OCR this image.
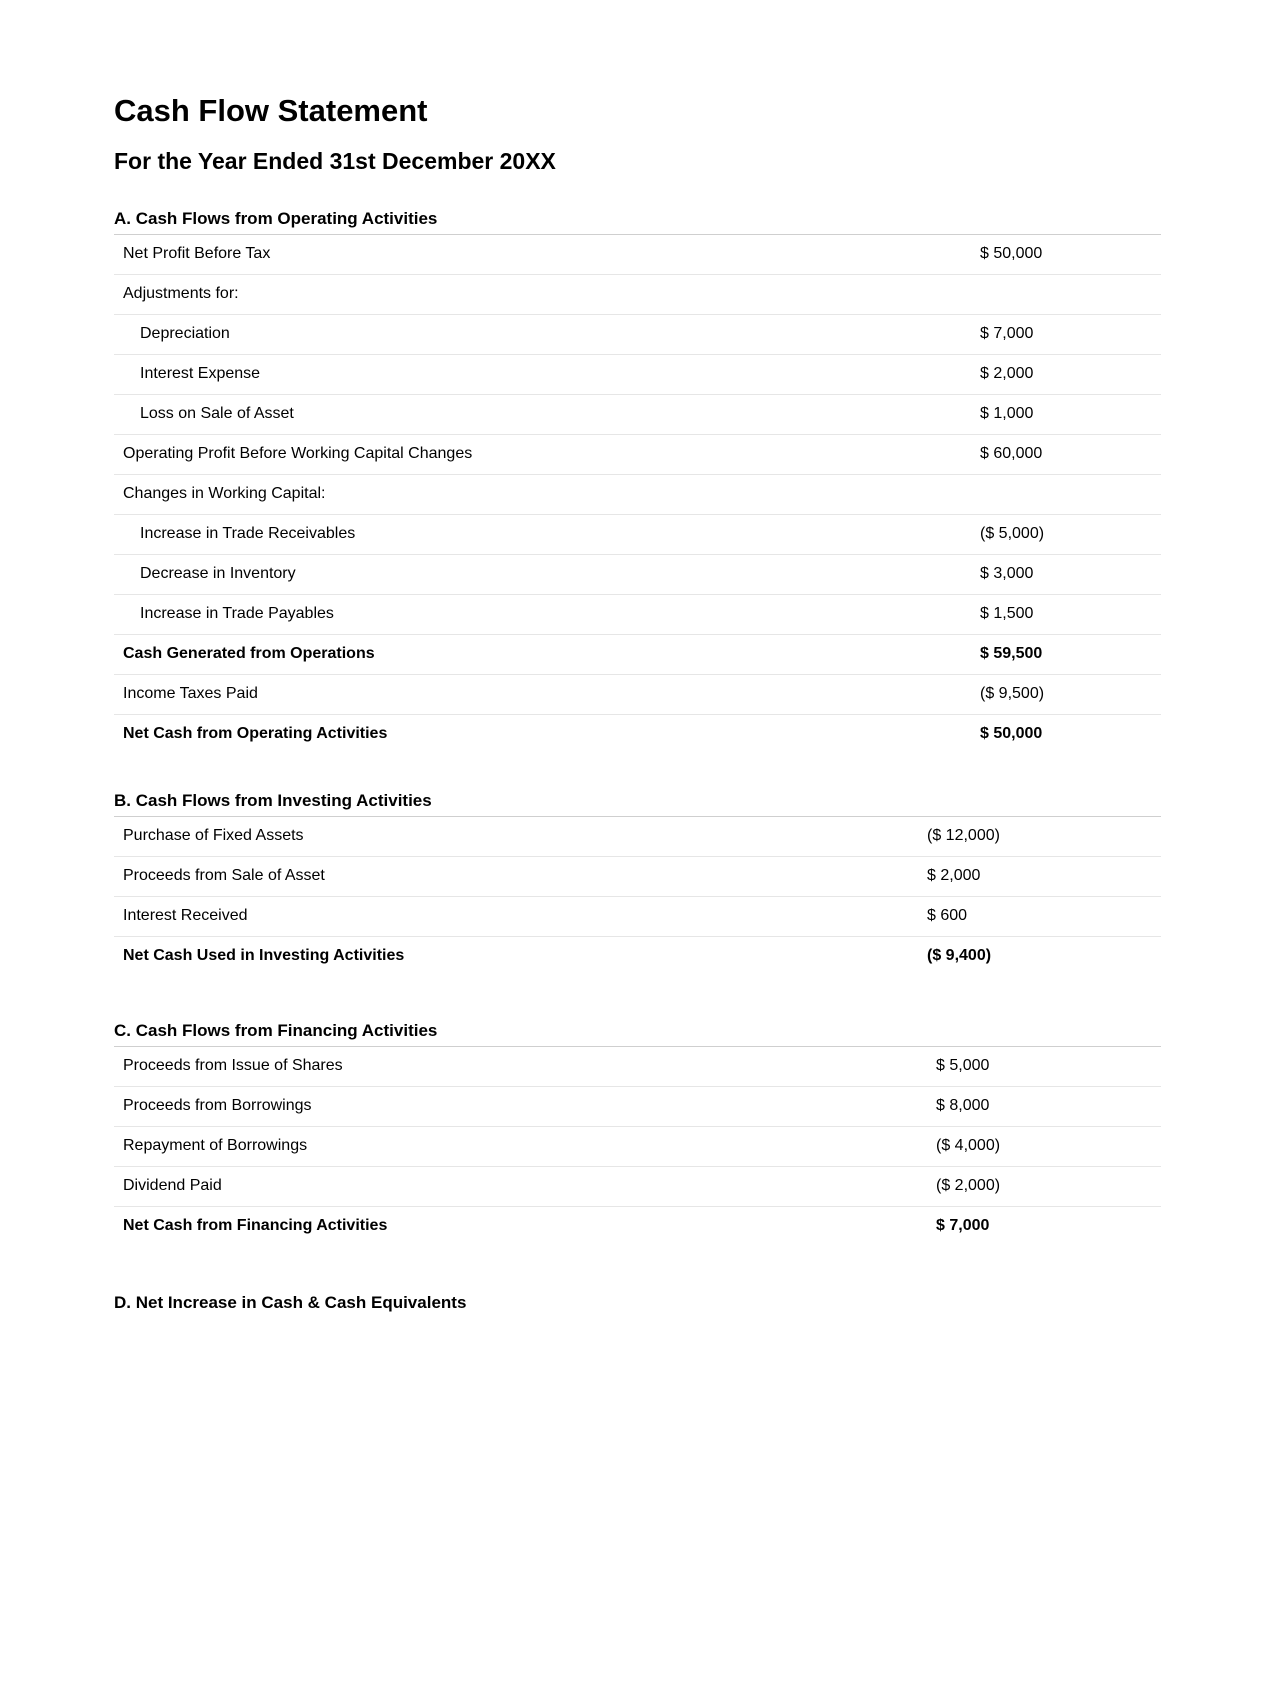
Cash Flow Statement
For the Year Ended 31st December 20XX
A. Cash Flows from Operating Activities
Net Profit Before Tax	$ 50,000
Adjustments for:
Depreciation	$ 7,000
Interest Expense	$ 2,000
Loss on Sale of Asset	$ 1,000
Operating Profit Before Working Capital Changes	$ 60,000
Changes in Working Capital:
Increase in Trade Receivables	($ 5,000)
Decrease in Inventory	$ 3,000
Increase in Trade Payables	$ 1,500
Cash Generated from Operations	$ 59,500
Income Taxes Paid	($ 9,500)
Net Cash from Operating Activities	$ 50,000
B. Cash Flows from Investing Activities
Purchase of Fixed Assets	($ 12,000)
Proceeds from Sale of Asset	$ 2,000
Interest Received	$ 600
Net Cash Used in Investing Activities	($ 9,400)
C. Cash Flows from Financing Activities
Proceeds from Issue of Shares	$ 5,000
Proceeds from Borrowings	$ 8,000
Repayment of Borrowings	($ 4,000)
Dividend Paid	($ 2,000)
Net Cash from Financing Activities	$ 7,000
D. Net Increase in Cash & Cash Equivalents
